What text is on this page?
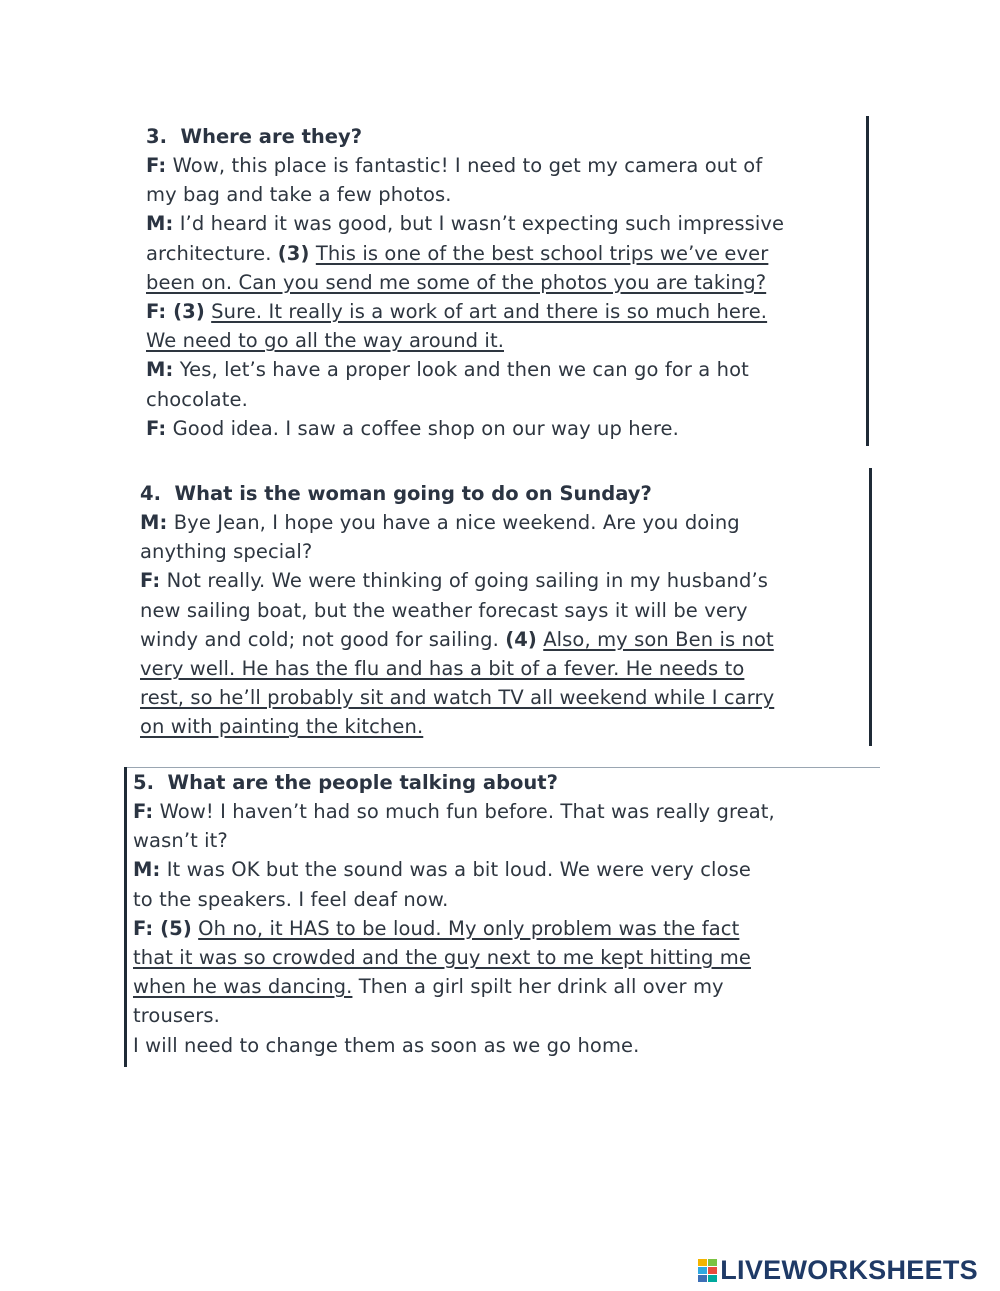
3.  Where are they?
F: Wow, this place is fantastic! I need to get my camera out of
my bag and take a few photos.
M: I’d heard it was good, but I wasn’t expecting such impressive
architecture. (3) This is one of the best school trips we’ve ever
been on. Can you send me some of the photos you are taking?
F: (3) Sure. It really is a work of art and there is so much here.
We need to go all the way around it.
M: Yes, let’s have a proper look and then we can go for a hot
chocolate.
F: Good idea. I saw a coffee shop on our way up here.
4.  What is the woman going to do on Sunday?
M: Bye Jean, I hope you have a nice weekend. Are you doing
anything special?
F: Not really. We were thinking of going sailing in my husband’s
new sailing boat, but the weather forecast says it will be very
windy and cold; not good for sailing. (4) Also, my son Ben is not
very well. He has the flu and has a bit of a fever. He needs to
rest, so he’ll probably sit and watch TV all weekend while I carry
on with painting the kitchen.
5.  What are the people talking about?
F: Wow! I haven’t had so much fun before. That was really great,
wasn’t it?
M: It was OK but the sound was a bit loud. We were very close
to the speakers. I feel deaf now.
F: (5) Oh no, it HAS to be loud. My only problem was the fact
that it was so crowded and the guy next to me kept hitting me
when he was dancing. Then a girl spilt her drink all over my
trousers.
I will need to change them as soon as we go home.
LIVEWORKSHEETS
